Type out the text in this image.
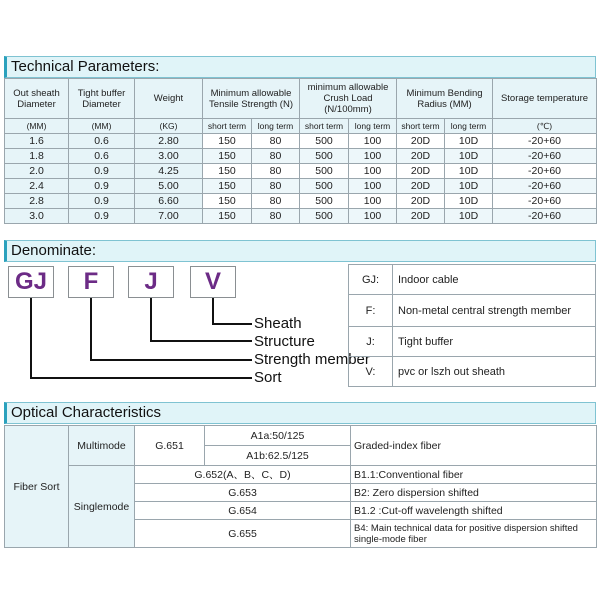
Technical Parameters:
Out sheath Diameter	Tight buffer Diameter	Weight	Minimum allowable Tensile Strength (N)		minimum allowable Crush Load (N/100mm)		Minimum Bending Radius (MM)		Storage temperature
(MM)	(MM)	(KG)	short term	long term	short term	long term	short term	long term	(℃)
1.6	0.6	2.80	150	80	500	100	20D	10D	-20+60
1.8	0.6	3.00	150	80	500	100	20D	10D	-20+60
2.0	0.9	4.25	150	80	500	100	20D	10D	-20+60
2.4	0.9	5.00	150	80	500	100	20D	10D	-20+60
2.8	0.9	6.60	150	80	500	100	20D	10D	-20+60
3.0	0.9	7.00	150	80	500	100	20D	10D	-20+60
Denominate:
GJ	F	J	V
Sheath
Structure
Strength member
Sort
GJ:	Indoor cable
F:	Non-metal central strength member
J:	Tight buffer
V:	pvc or lszh out sheath
Optical Characteristics
Fiber Sort	Multimode	G.651	A1a:50/125	Graded-index fiber
			A1b:62.5/125	
	Singlemode	G.652(A、B、C、D)		B1.1:Conventional fiber
		G.653		B2: Zero dispersion shifted
		G.654		B1.2 :Cut-off wavelength shifted
		G.655		B4: Main technical data for positive dispersion shifted single-mode fiber
